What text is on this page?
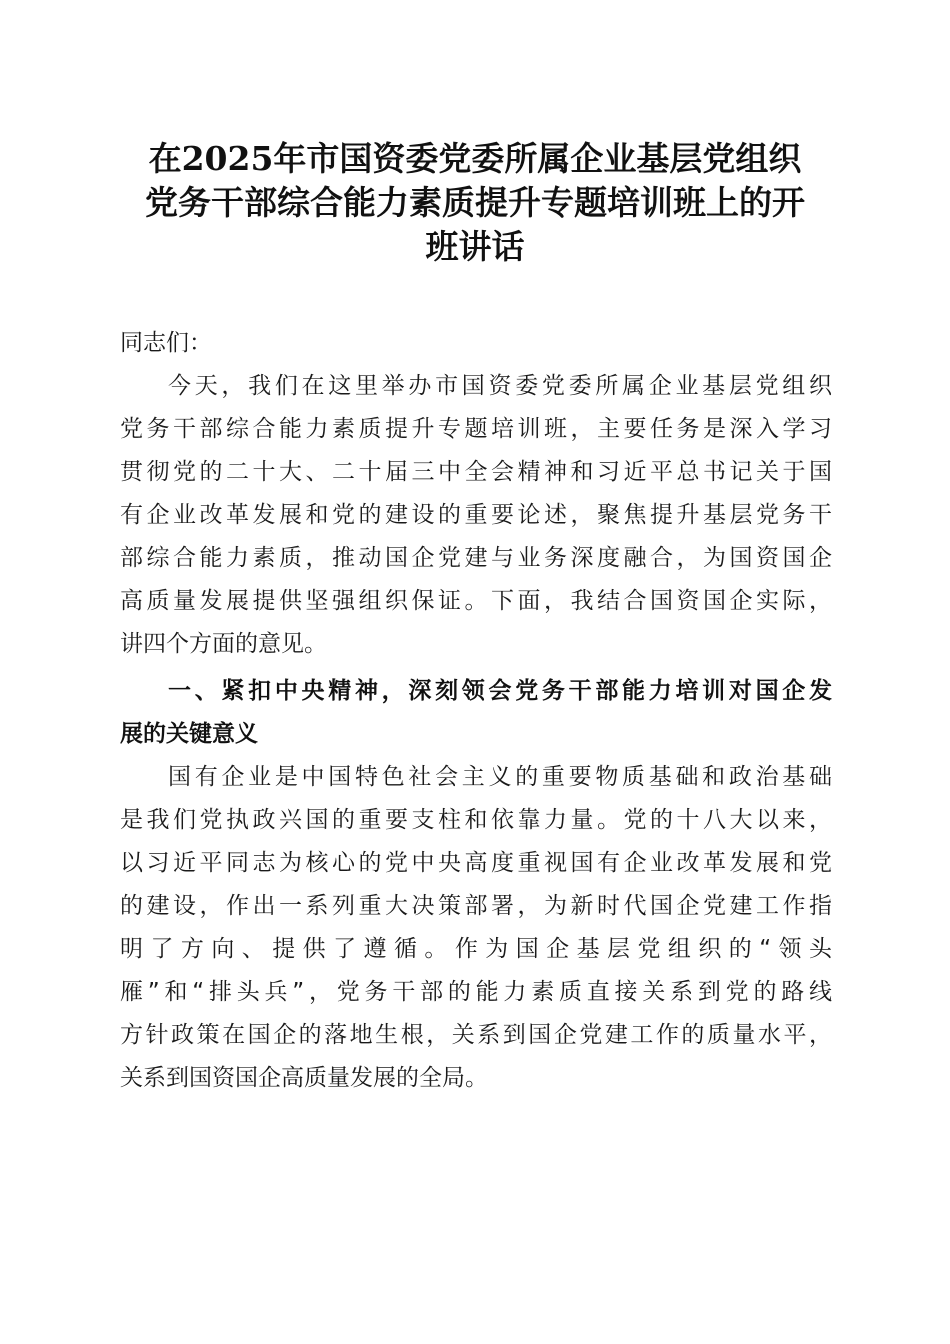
在2025年市国资委党委所属企业基层党组织
党务干部综合能力素质提升专题培训班上的开
班讲话
同志们：
今天，我们在这里举办市国资委党委所属企业基层党组织
党务干部综合能力素质提升专题培训班，主要任务是深入学习
贯彻党的二十大、二十届三中全会精神和习近平总书记关于国
有企业改革发展和党的建设的重要论述，聚焦提升基层党务干
部综合能力素质，推动国企党建与业务深度融合，为国资国企
高质量发展提供坚强组织保证。下面，我结合国资国企实际，
讲四个方面的意见。
一、紧扣中央精神，深刻领会党务干部能力培训对国企发
展的关键意义
国有企业是中国特色社会主义的重要物质基础和政治基础
是我们党执政兴国的重要支柱和依靠力量。党的十八大以来，
以习近平同志为核心的党中央高度重视国有企业改革发展和党
的建设，作出一系列重大决策部署，为新时代国企党建工作指
明了方向、提供了遵循。作为国企基层党组织的“领头
雁”和“排头兵”，党务干部的能力素质直接关系到党的路线
方针政策在国企的落地生根，关系到国企党建工作的质量水平，
关系到国资国企高质量发展的全局。
